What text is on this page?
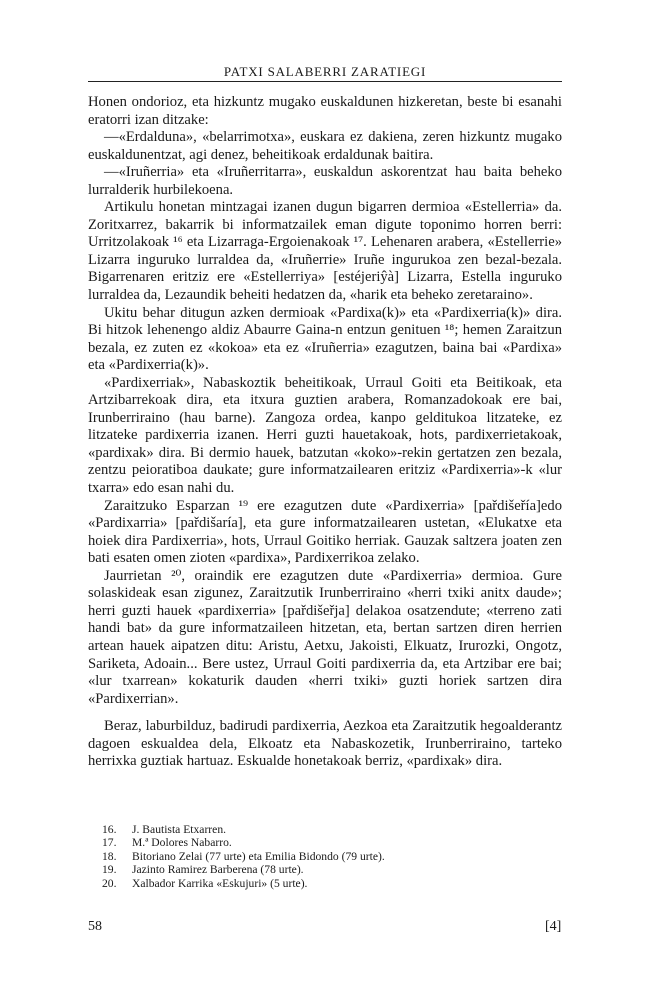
PATXI SALABERRI ZARATIEGI

Honen ondorioz, eta hizkuntz mugako euskaldunen hizkeretan, beste bi esanahi eratorri izan ditzake:

—«Erdalduna», «belarrimotxa», euskara ez dakiena, zeren hizkuntz mugako euskaldunentzat, agi denez, beheitikoak erdaldunak baitira.

—«Iruñerria» eta «Iruñerritarra», euskaldun askorentzat hau baita beheko lurralderik hurbilekoena.

Artikulu honetan mintzagai izanen dugun bigarren dermioa «Estellerria» da. Zoritxarrez, bakarrik bi informatzailek eman digute toponimo horren berri: Urritzolakoak ¹⁶ eta Lizarraga-Ergoienakoak ¹⁷. Lehenaren arabera, «Estellerrie» Lizarra inguruko lurraldea da, «Iruñerrie» Iruñe ingurukoa zen bezal-bezala. Bigarrenaren eritziz ere «Estellerriya» [estéjeriŷà] Lizarra, Estella inguruko lurraldea da, Lezaundik beheiti hedatzen da, «harik eta beheko zeretaraino».

Ukitu behar ditugun azken dermioak «Pardixa(k)» eta «Pardixerria(k)» dira. Bi hitzok lehenengo aldiz Abaurre Gaina-n entzun genituen ¹⁸; hemen Zaraitzun bezala, ez zuten ez «kokoa» eta ez «Iruñerria» ezagutzen, baina bai «Pardixa» eta «Pardixerria(k)».

«Pardixerriak», Nabaskoztik beheitikoak, Urraul Goiti eta Beitikoak, eta Artzibarrekoak dira, eta itxura guztien arabera, Romanzadokoak ere bai, Irunberriraino (hau barne). Zangoza ordea, kanpo gelditukoa litzateke, ez litzateke pardixerria izanen. Herri guzti hauetakoak, hots, pardixerrietakoak, «pardixak» dira. Bi dermio hauek, batzutan «koko»-rekin gertatzen zen bezala, zentzu peioratiboa daukate; gure informatzailearen eritziz «Pardixerria»-k «lur txarra» edo esan nahi du.

Zaraitzuko Esparzan ¹⁹ ere ezagutzen dute «Pardixerria» [pařdišeřía]edo «Pardixarria» [pařdišaría], eta gure informatzailearen ustetan, «Elukatxe eta hoiek dira Pardixerria», hots, Urraul Goitiko herriak. Gauzak saltzera joaten zen bati esaten omen zioten «pardixa», Pardixerrikoa zelako.

Jaurrietan ²⁰, oraindik ere ezagutzen dute «Pardixerria» dermioa. Gure solaskideak esan zigunez, Zaraitzutik Irunberriraino «herri txiki anitx daude»; herri guzti hauek «pardixerria» [pařdišeřja] delakoa osatzendute; «terreno zati handi bat» da gure informatzaileen hitzetan, eta, bertan sartzen diren herrien artean hauek aipatzen ditu: Aristu, Aetxu, Jakoisti, Elkuatz, Irurozki, Ongotz, Sariketa, Adoain... Bere ustez, Urraul Goiti pardixerria da, eta Artzibar ere bai; «lur txarrean» kokaturik dauden «herri txiki» guzti horiek sartzen dira «Pardixerrian».

Beraz, laburbilduz, badirudi pardixerria, Aezkoa eta Zaraitzutik hegoalderantz dagoen eskualdea dela, Elkoatz eta Nabaskozetik, Irunberriraino, tarteko herrixka guztiak hartuaz. Eskualde honetakoak berriz, «pardixak» dira.

16.	J. Bautista Etxarren.
17.	M.ª Dolores Nabarro.
18.	Bitoriano Zelai (77 urte) eta Emilia Bidondo (79 urte).
19.	Jazinto Ramirez Barberena (78 urte).
20.	Xalbador Karrika «Eskujuri» (5 urte).
58	[4]
